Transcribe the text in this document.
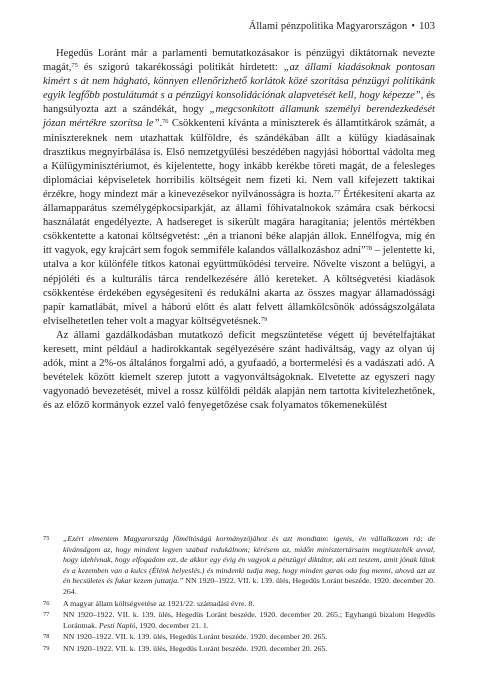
Állami pénzpolitika Magyarországon • 103

Hegedüs Loránt már a parlamenti bemutatkozásakor is pénzügyi diktátornak nevezte magát,$^{75}$ és szigorú takarékossági politikát hirdetett: „az állami kiadásoknak pontosan kimért s át nem hágható, könnyen ellenőrizhető korlátok közé szorítása pénzügyi politikánk egyik legfőbb postulátumát s a pénzügyi konsolidációnak alapvetését kell, hogy képezze”, és hangsúlyozta azt a szándékát, hogy „megcsonkított államunk személyi berendezkedését józan mértékre szorítsa le”.$^{76}$ Csökkenteni kívánta a miniszterek és államtitkárok számát, a minisztereknek nem utazhattak külföldre, és szándékában állt a külügy kiadásainak drasztikus megnyirbálása is. Első nemzetgyűlési beszédében nagyjási hóborttal vádolta meg a Külügyminisztériumot, és kijelentette, hogy inkább kerékbe töreti magát, de a felesleges diplomáciai képviseletek horribilis költségeit nem fizeti ki. Nem vall kifejezett taktikai érzékre, hogy mindezt már a kinevezésekor nyilvánosságra is hozta.$^{77}$ Értékesíteni akarta az államapparátus személygépkocsiparkját, az állami főhivatalnokok számára csak bérkocsi használatát engedélyezte. A hadsereget is sikerült magára haragítania; jelentős mértékben csökkentette a katonai költségvetést: „én a trianoni béke alapján állok. Ennélfogva, míg én itt vagyok, egy krajcárt sem fogok semmiféle kalandos vállalkozáshoz adni”$^{78}$ – jelentette ki, utalva a kor különféle titkos katonai együttműködési terveire. Nővelte viszont a belügyi, a népjóléti és a kulturális tárca rendelkezésére álló kereteket. A költségvetési kiadások csökkentése érdekében egységesíteni és redukálni akarta az összes magyar államadóssági papír kamatlábát, mivel a háború előtt és alatt felvett államkölcsönök adósságszolgálata elviselhetetlen teher volt a magyar költségvetésnek.$^{79}$

Az állami gazdálkodásban mutatkozó deficit megszüntetése végett új bevételfajtákat keresett, mint például a hadirokkantak segélyezésére szánt hadiváltság, vagy az olyan új adók, mint a 2%-os általános forgalmi adó, a gyufaadó, a bortermelési és a vadászati adó. A bevételek között kiemelt szerep jutott a vagyonváltságoknak. Elvetette az egyszeri nagy vagyonadó bevezetését, mivel a rossz külföldi példák alapján nem tartotta kivitelezhetőnek, és az előző kormányok ezzel való fenyegetőzése csak folyamatos tőkemenekülést

75 „Ezért elmentem Magyarország főméltóságú kormányzójához és azt mondtam: igenis, én vállalkozom rá; de kívánságom az, hogy mindent legyen szabad redukálnom; kérésem az, midőn minisztertársaim megtisztelték avval, hogy idehívnak, hogy elfogadom ezt, de akkor egy évig én vagyok a pénzügyi diktátor, aki ezt teszem, amit jónak látok és a kezemben van a kulcs (Élénk helyeslés.) és mindenki tudja meg, hogy minden garas oda fog menni, ahová azt az én becsületes és fukar kezem juttatja.” NN 1920–1922. VII. k. 139. ülés, Hegedüs Loránt beszéde. 1920. december 20. 264.

76 A magyar állam költségvetése az 1921/22. számadási évre. 8.

77 NN 1920–1922. VII. k. 139. ülés, Hegedüs Loránt beszéde. 1920. december 20. 265.; Egyhangú bizalom Hegedüs Lorántnak. Pesti Napló, 1920. december 21. 1.

78 NN 1920–1922. VII. k. 139. ülés, Hegedüs Loránt beszéde. 1920. december 20. 265.

79 NN 1920–1922. VII. k. 139. ülés, Hegedüs Loránt beszéde. 1920. december 20. 265.
